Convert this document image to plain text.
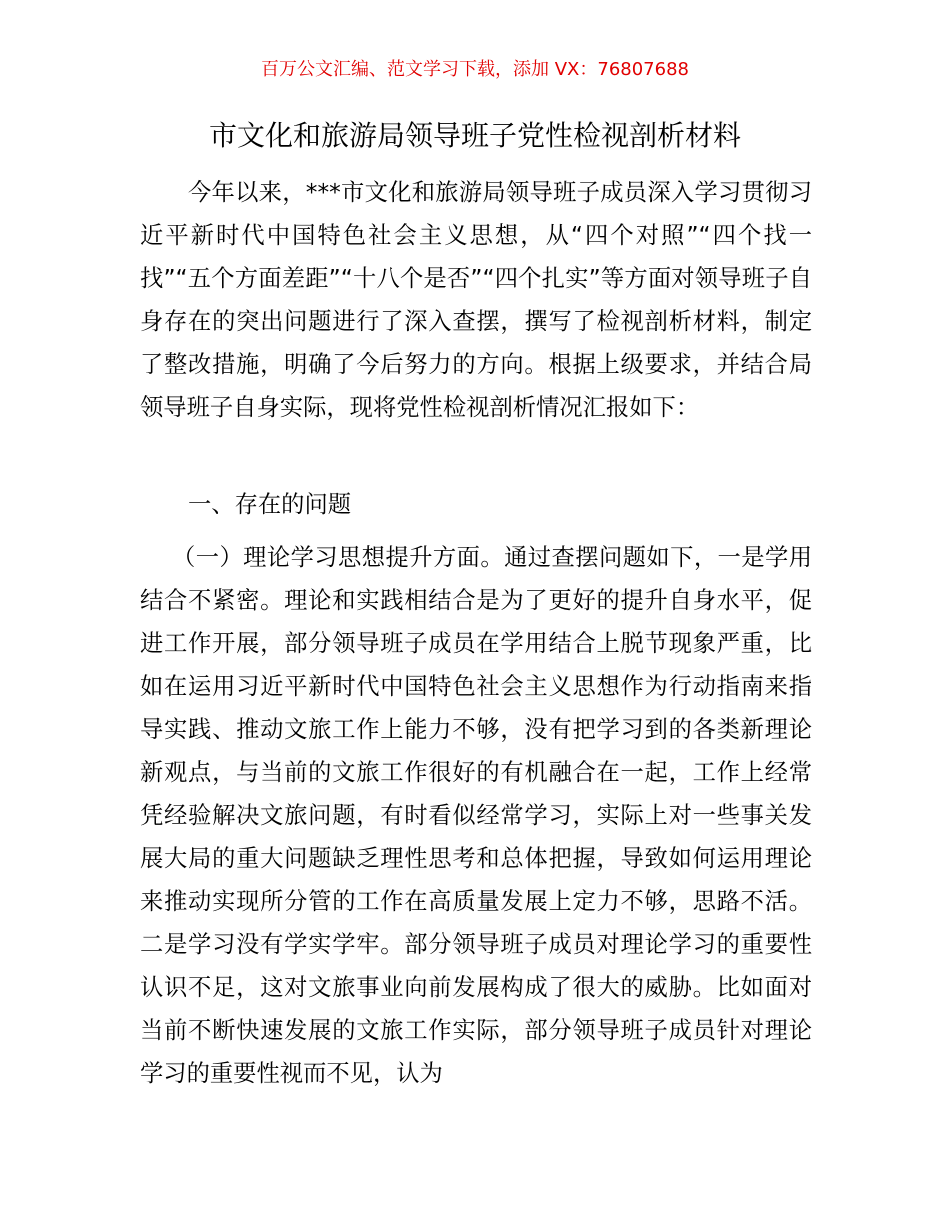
百万公文汇编、范文学习下载，添加 VX：76807688
市文化和旅游局领导班子党性检视剖析材料

今年以来，***市文化和旅游局领导班子成员深入学习贯彻习近平新时代中国特色社会主义思想，从“四个对照”“四个找一找”“五个方面差距”“十八个是否”“四个扎实”等方面对领导班子自身存在的突出问题进行了深入查摆，撰写了检视剖析材料，制定了整改措施，明确了今后努力的方向。根据上级要求，并结合局领导班子自身实际，现将党性检视剖析情况汇报如下：

一、存在的问题

（一）理论学习思想提升方面。通过查摆问题如下，一是学用结合不紧密。理论和实践相结合是为了更好的提升自身水平，促进工作开展，部分领导班子成员在学用结合上脱节现象严重，比如在运用习近平新时代中国特色社会主义思想作为行动指南来指导实践、推动文旅工作上能力不够，没有把学习到的各类新理论新观点，与当前的文旅工作很好的有机融合在一起，工作上经常凭经验解决文旅问题，有时看似经常学习，实际上对一些事关发展大局的重大问题缺乏理性思考和总体把握，导致如何运用理论来推动实现所分管的工作在高质量发展上定力不够，思路不活。二是学习没有学实学牢。部分领导班子成员对理论学习的重要性认识不足，这对文旅事业向前发展构成了很大的威胁。比如面对当前不断快速发展的文旅工作实际，部分领导班子成员针对理论学习的重要性视而不见，认为
